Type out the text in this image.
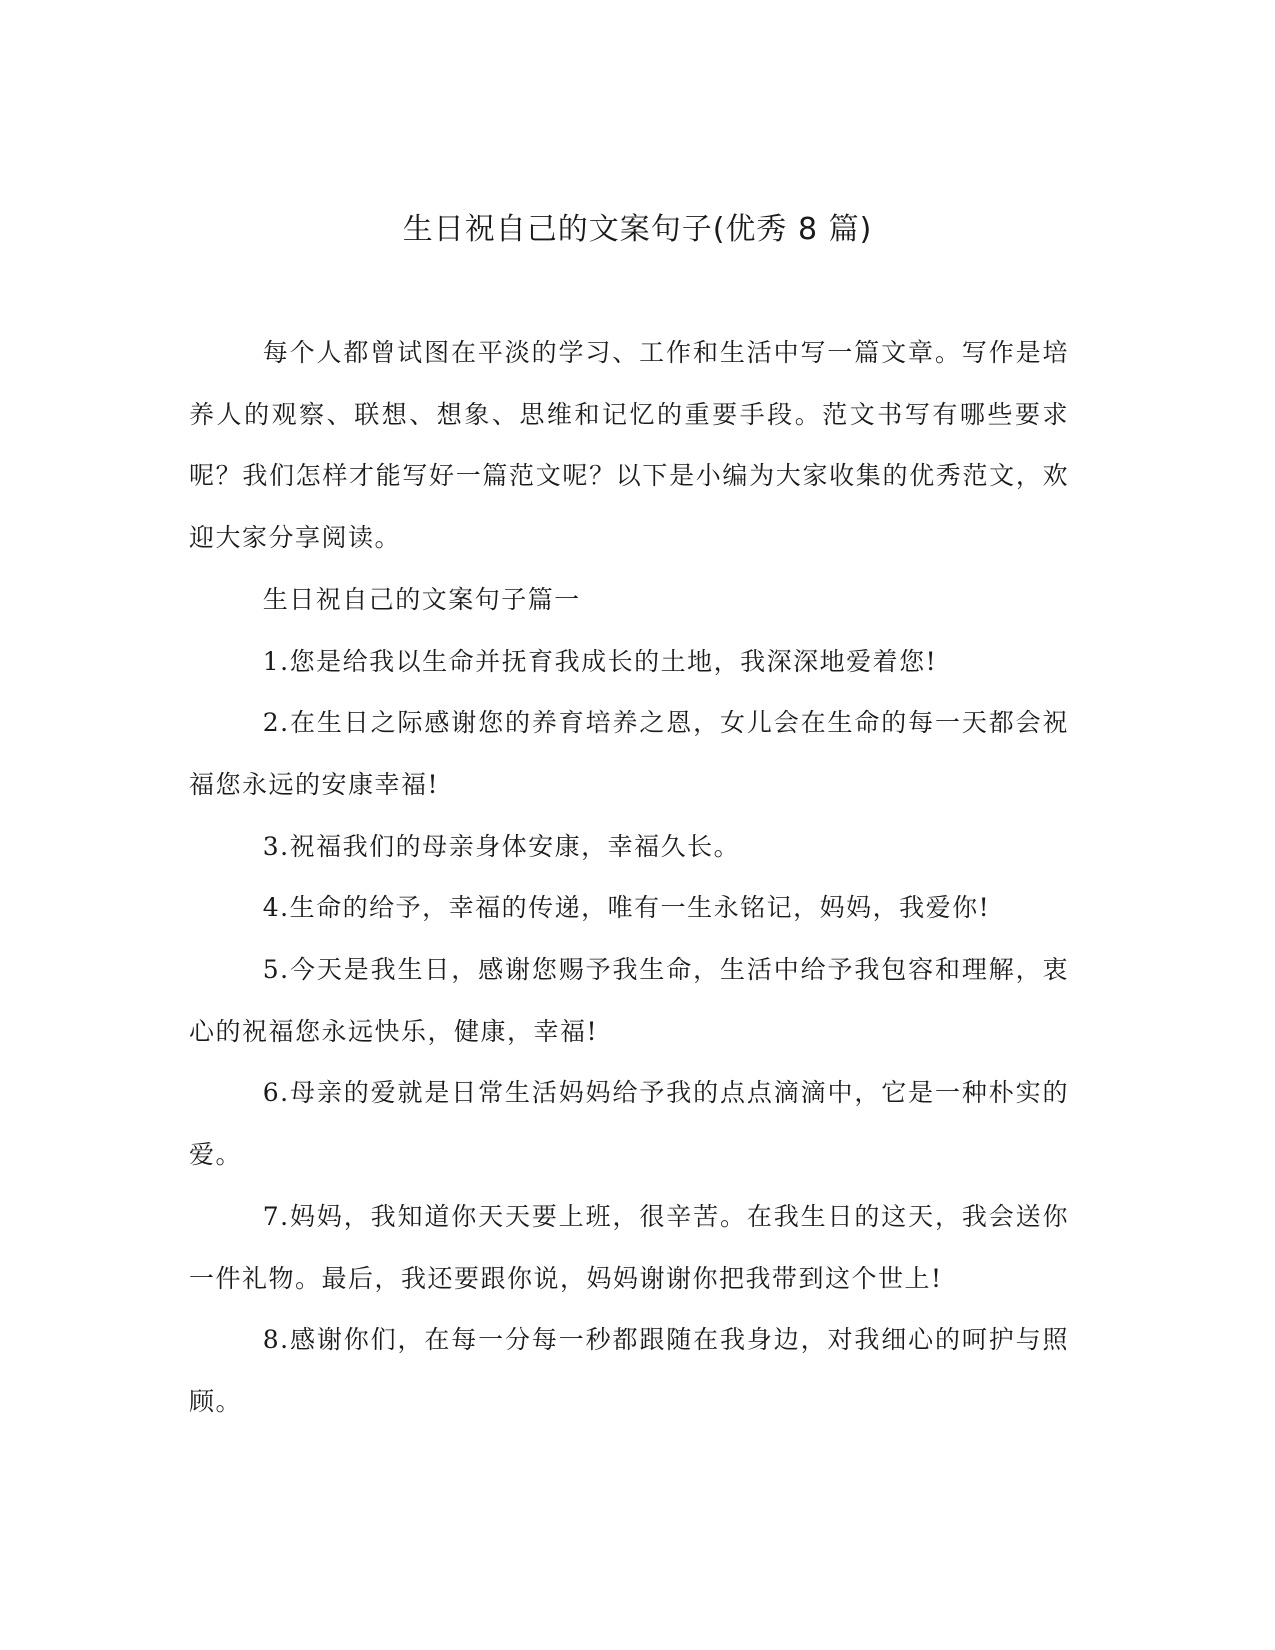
生日祝自己的文案句子(优秀 8 篇)

每个人都曾试图在平淡的学习、工作和生活中写一篇文章。写作是培养人的观察、联想、想象、思维和记忆的重要手段。范文书写有哪些要求呢？我们怎样才能写好一篇范文呢？以下是小编为大家收集的优秀范文，欢迎大家分享阅读。

生日祝自己的文案句子篇一

1.您是给我以生命并抚育我成长的土地，我深深地爱着您!

2.在生日之际感谢您的养育培养之恩，女儿会在生命的每一天都会祝福您永远的安康幸福!

3.祝福我们的母亲身体安康，幸福久长。

4.生命的给予，幸福的传递，唯有一生永铭记，妈妈，我爱你!

5.今天是我生日，感谢您赐予我生命，生活中给予我包容和理解，衷心的祝福您永远快乐，健康，幸福!

6.母亲的爱就是日常生活妈妈给予我的点点滴滴中，它是一种朴实的爱。

7.妈妈，我知道你天天要上班，很辛苦。在我生日的这天，我会送你一件礼物。最后，我还要跟你说，妈妈谢谢你把我带到这个世上!

8.感谢你们，在每一分每一秒都跟随在我身边，对我细心的呵护与照顾。
